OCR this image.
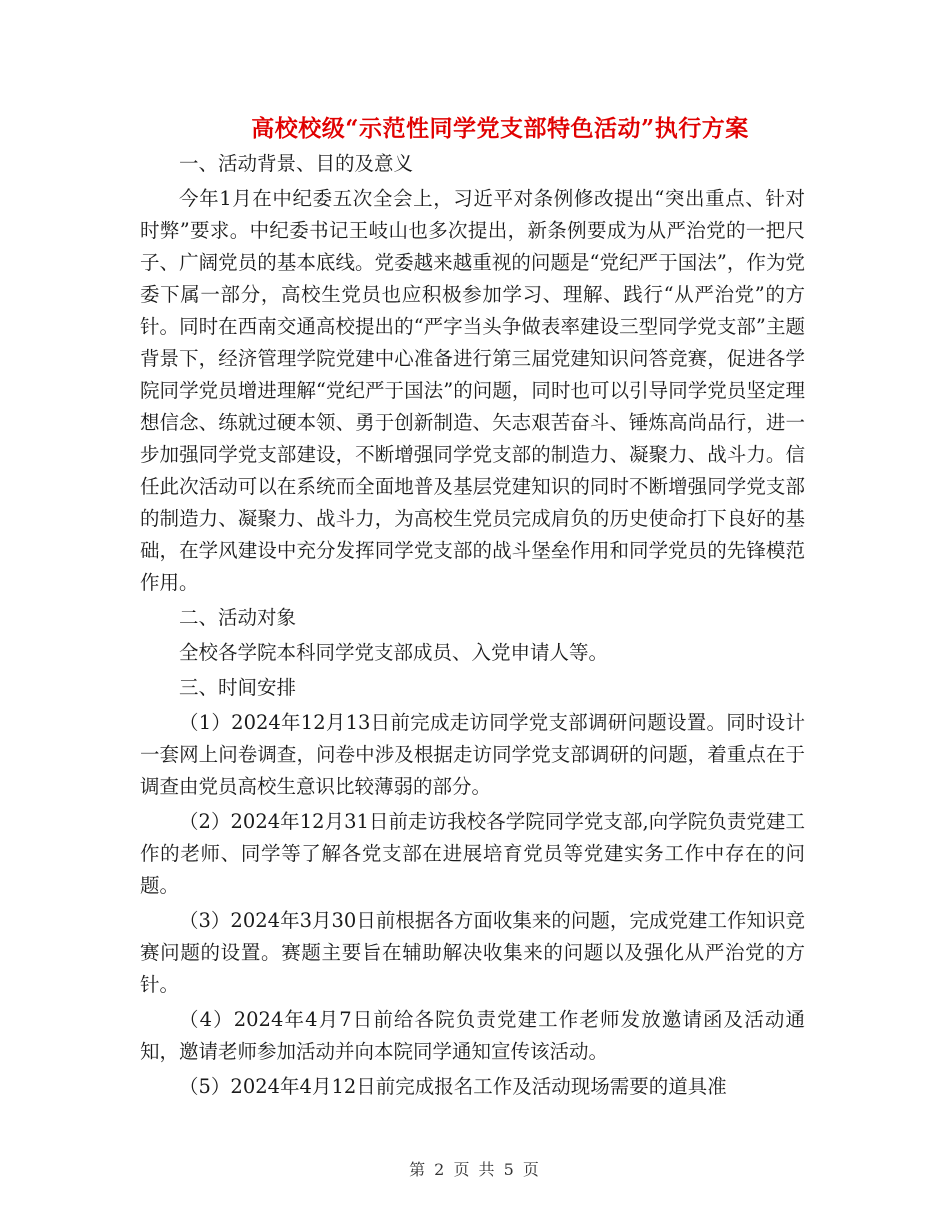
高校校级“示范性同学党支部特色活动”执行方案

一、活动背景、目的及意义

今年1月在中纪委五次全会上，习近平对条例修改提出“突出重点、针对时弊”要求。中纪委书记王岐山也多次提出，新条例要成为从严治党的一把尺子、广阔党员的基本底线。党委越来越重视的问题是“党纪严于国法”，作为党委下属一部分，高校生党员也应积极参加学习、理解、践行“从严治党”的方针。同时在西南交通高校提出的“严字当头争做表率建设三型同学党支部”主题背景下，经济管理学院党建中心准备进行第三届党建知识问答竞赛，促进各学院同学党员增进理解“党纪严于国法”的问题，同时也可以引导同学党员坚定理想信念、练就过硬本领、勇于创新制造、矢志艰苦奋斗、锤炼高尚品行，进一步加强同学党支部建设，不断增强同学党支部的制造力、凝聚力、战斗力。信任此次活动可以在系统而全面地普及基层党建知识的同时不断增强同学党支部的制造力、凝聚力、战斗力，为高校生党员完成肩负的历史使命打下良好的基础，在学风建设中充分发挥同学党支部的战斗堡垒作用和同学党员的先锋模范作用。

二、活动对象

全校各学院本科同学党支部成员、入党申请人等。

三、时间安排

（1）2024年12月13日前完成走访同学党支部调研问题设置。同时设计一套网上问卷调查，问卷中涉及根据走访同学党支部调研的问题，着重点在于调查由党员高校生意识比较薄弱的部分。

（2）2024年12月31日前走访我校各学院同学党支部,向学院负责党建工作的老师、同学等了解各党支部在进展培育党员等党建实务工作中存在的问题。

（3）2024年3月30日前根据各方面收集来的问题，完成党建工作知识竞赛问题的设置。赛题主要旨在辅助解决收集来的问题以及强化从严治党的方针。

（4）2024年4月7日前给各院负责党建工作老师发放邀请函及活动通知，邀请老师参加活动并向本院同学通知宣传该活动。

（5）2024年4月12日前完成报名工作及活动现场需要的道具准

第 2 页 共 5 页
